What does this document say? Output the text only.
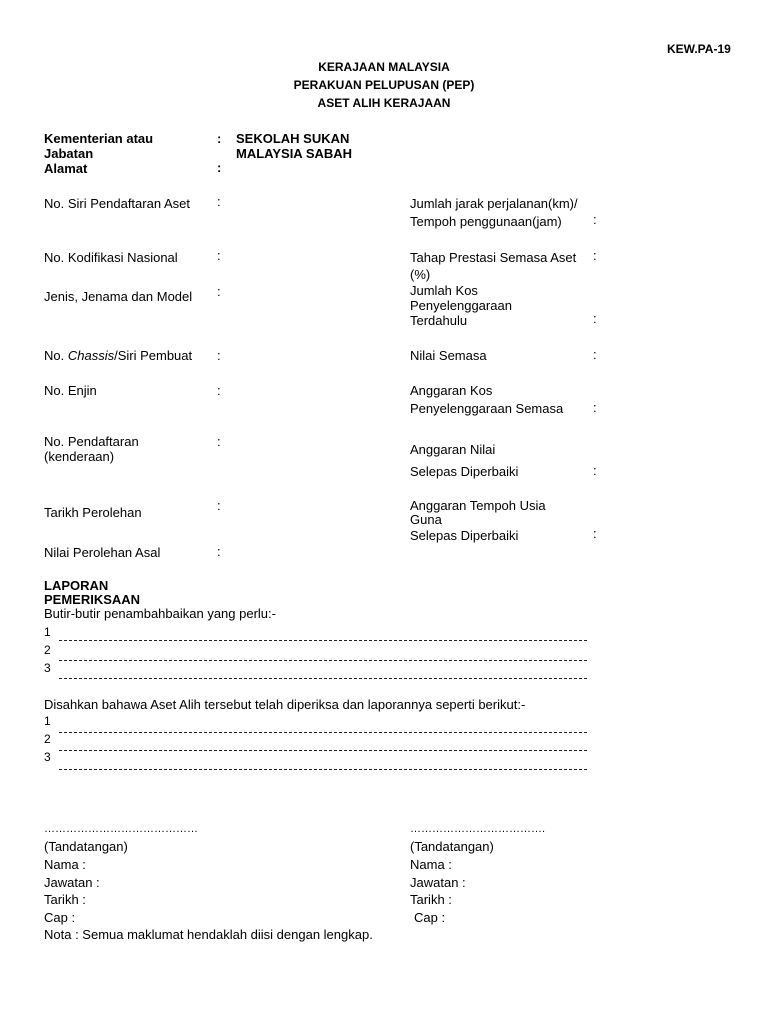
KEW.PA-19
KERAJAAN MALAYSIA
PERAKUAN PELUPUSAN (PEP)
ASET ALIH KERAJAAN
Kementerian atau
Jabatan
: SEKOLAH SUKAN
MALAYSIA SABAH
Alamat	:
No. Siri Pendaftaran Aset :
No. Kodifikasi Nasional	:
Jenis, Jenama dan Model :
No. Chassis/Siri Pembuat :
No. Enjin	:
No. Pendaftaran
(kenderaan)
:
Tarikh Perolehan	:
Nilai Perolehan Asal	:
Jumlah jarak perjalanan(km)/
Tempoh penggunaan(jam) :
Tahap Prestasi Semasa Aset
(%)
:
Jumlah Kos
Penyelenggaraan
Terdahulu	:
Nilai Semasa	:
Anggaran Kos
Penyelenggaraan Semasa :
Anggaran Nilai
Selepas Diperbaiki	:
Anggaran Tempoh Usia
Guna
Selepas Diperbaiki	:
LAPORAN
PEMERIKSAAN
Butir-butir penambahbaikan yang perlu:-
1
2
3
Disahkan bahawa Aset Alih tersebut telah diperiksa dan laporannya seperti berikut:-
1
2
3
……………………………………
(Tandatangan)
Nama :
Jawatan :
Tarikh :
Cap :
……………………………….
(Tandatangan)
Nama :
Jawatan :
Tarikh :
Cap :
Nota : Semua maklumat hendaklah diisi dengan lengkap.
